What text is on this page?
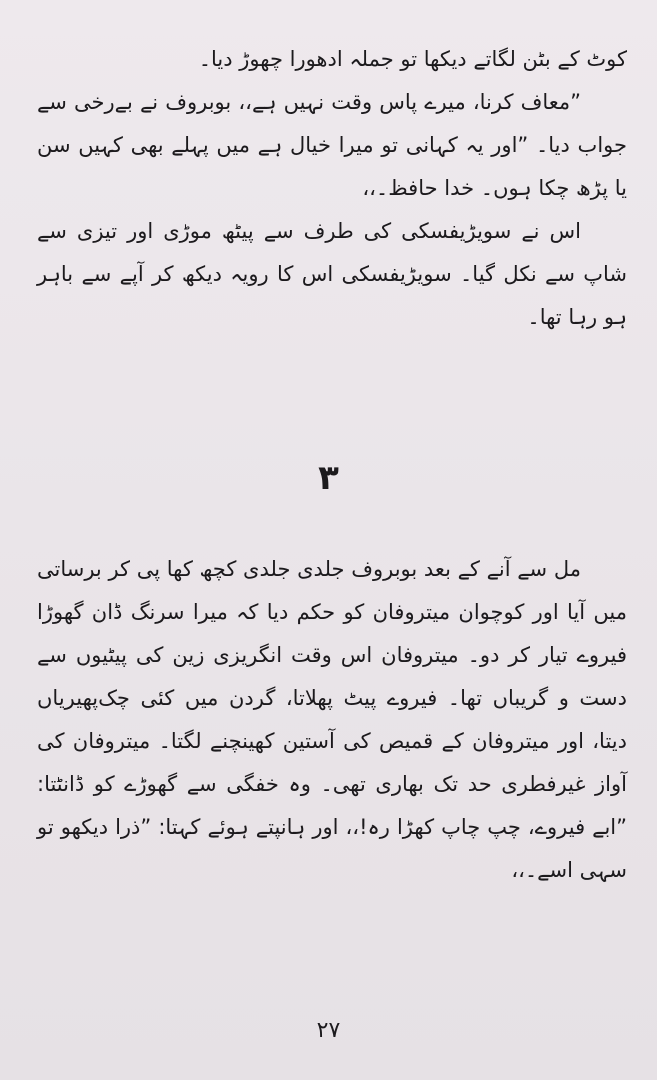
کوٹ کے بٹن لگاتے دیکھا تو جملہ ادھورا چھوڑ دیا۔

”معاف کرنا، میرے پاس وقت نہیں ہے،، بوبروف نے بےرخی سے جواب دیا۔ ”اور یہ کہانی تو میرا خیال ہے میں پہلے بھی کہیں سن یا پڑھ چکا ہوں۔ خدا حافظ۔،،

اس نے سویڑیفسکی کی طرف سے پیٹھ موڑی اور تیزی سے شاپ سے نکل گیا۔ سویڑیفسکی اس کا رویہ دیکھ کر آپے سے باہر ہو رہا تھا۔

۳

مل سے آنے کے بعد بوبروف جلدی جلدی کچھ کھا پی کر برساتی میں آیا اور کوچوان میتروفان کو حکم دیا کہ میرا سرنگ ڈان گھوڑا فیروے تیار کر دو۔ میتروفان اس وقت انگریزی زین کی پیٹیوں سے دست و گریباں تھا۔ فیروے پیٹ پھلاتا، گردن میں کئی چک‌پھیریاں دیتا، اور میتروفان کے قمیص کی آستین کھینچنے لگتا۔ میتروفان کی آواز غیرفطری حد تک بھاری تھی۔ وہ خفگی سے گھوڑے کو ڈانٹتا: ”ابے فیروے، چپ چاپ کھڑا رہ!،، اور ہانپتے ہوئے کہتا: ”ذرا دیکھو تو سہی اسے۔،،

۲۷
